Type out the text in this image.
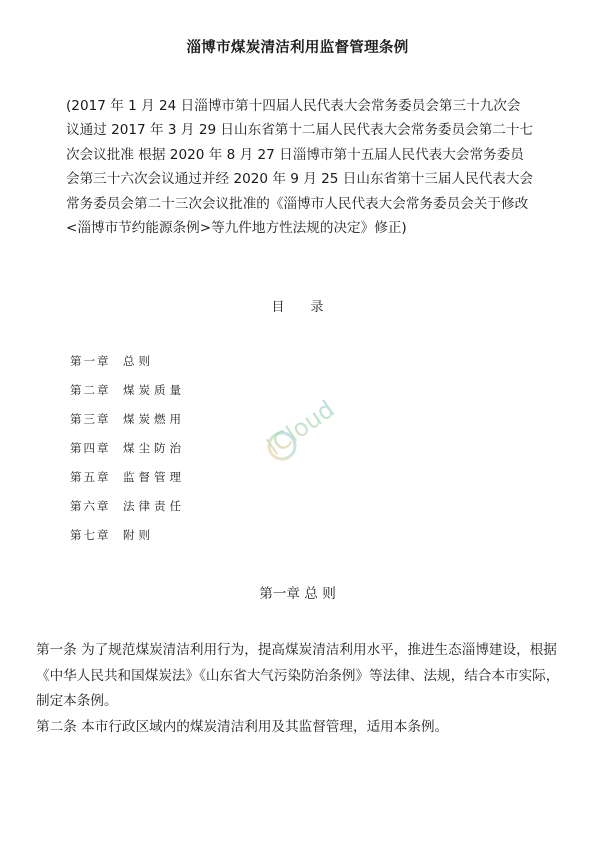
淄博市煤炭清洁利用监督管理条例
(2017 年 1 月 24 日淄博市第十四届人民代表大会常务委员会第三十九次会议通过 2017 年 3 月 29 日山东省第十二届人民代表大会常务委员会第二十七次会议批准 根据 2020 年 8 月 27 日淄博市第十五届人民代表大会常务委员会第三十六次会议通过并经 2020 年 9 月 25 日山东省第十三届人民代表大会常务委员会第二十三次会议批准的《淄博市人民代表大会常务委员会关于修改<淄博市节约能源条例>等九件地方性法规的决定》修正)
目录
第一章 总则
第二章 煤炭质量
第三章 煤炭燃用
第四章 煤尘防治
第五章 监督管理
第六章 法律责任
第七章 附则
第一章 总 则

第一条 为了规范煤炭清洁利用行为，提高煤炭清洁利用水平，推进生态淄博建设，根据《中华人民共和国煤炭法》《山东省大气污染防治条例》等法律、法规，结合本市实际，制定本条例。

第二条 本市行政区域内的煤炭清洁利用及其监督管理，适用本条例。

iCloud
